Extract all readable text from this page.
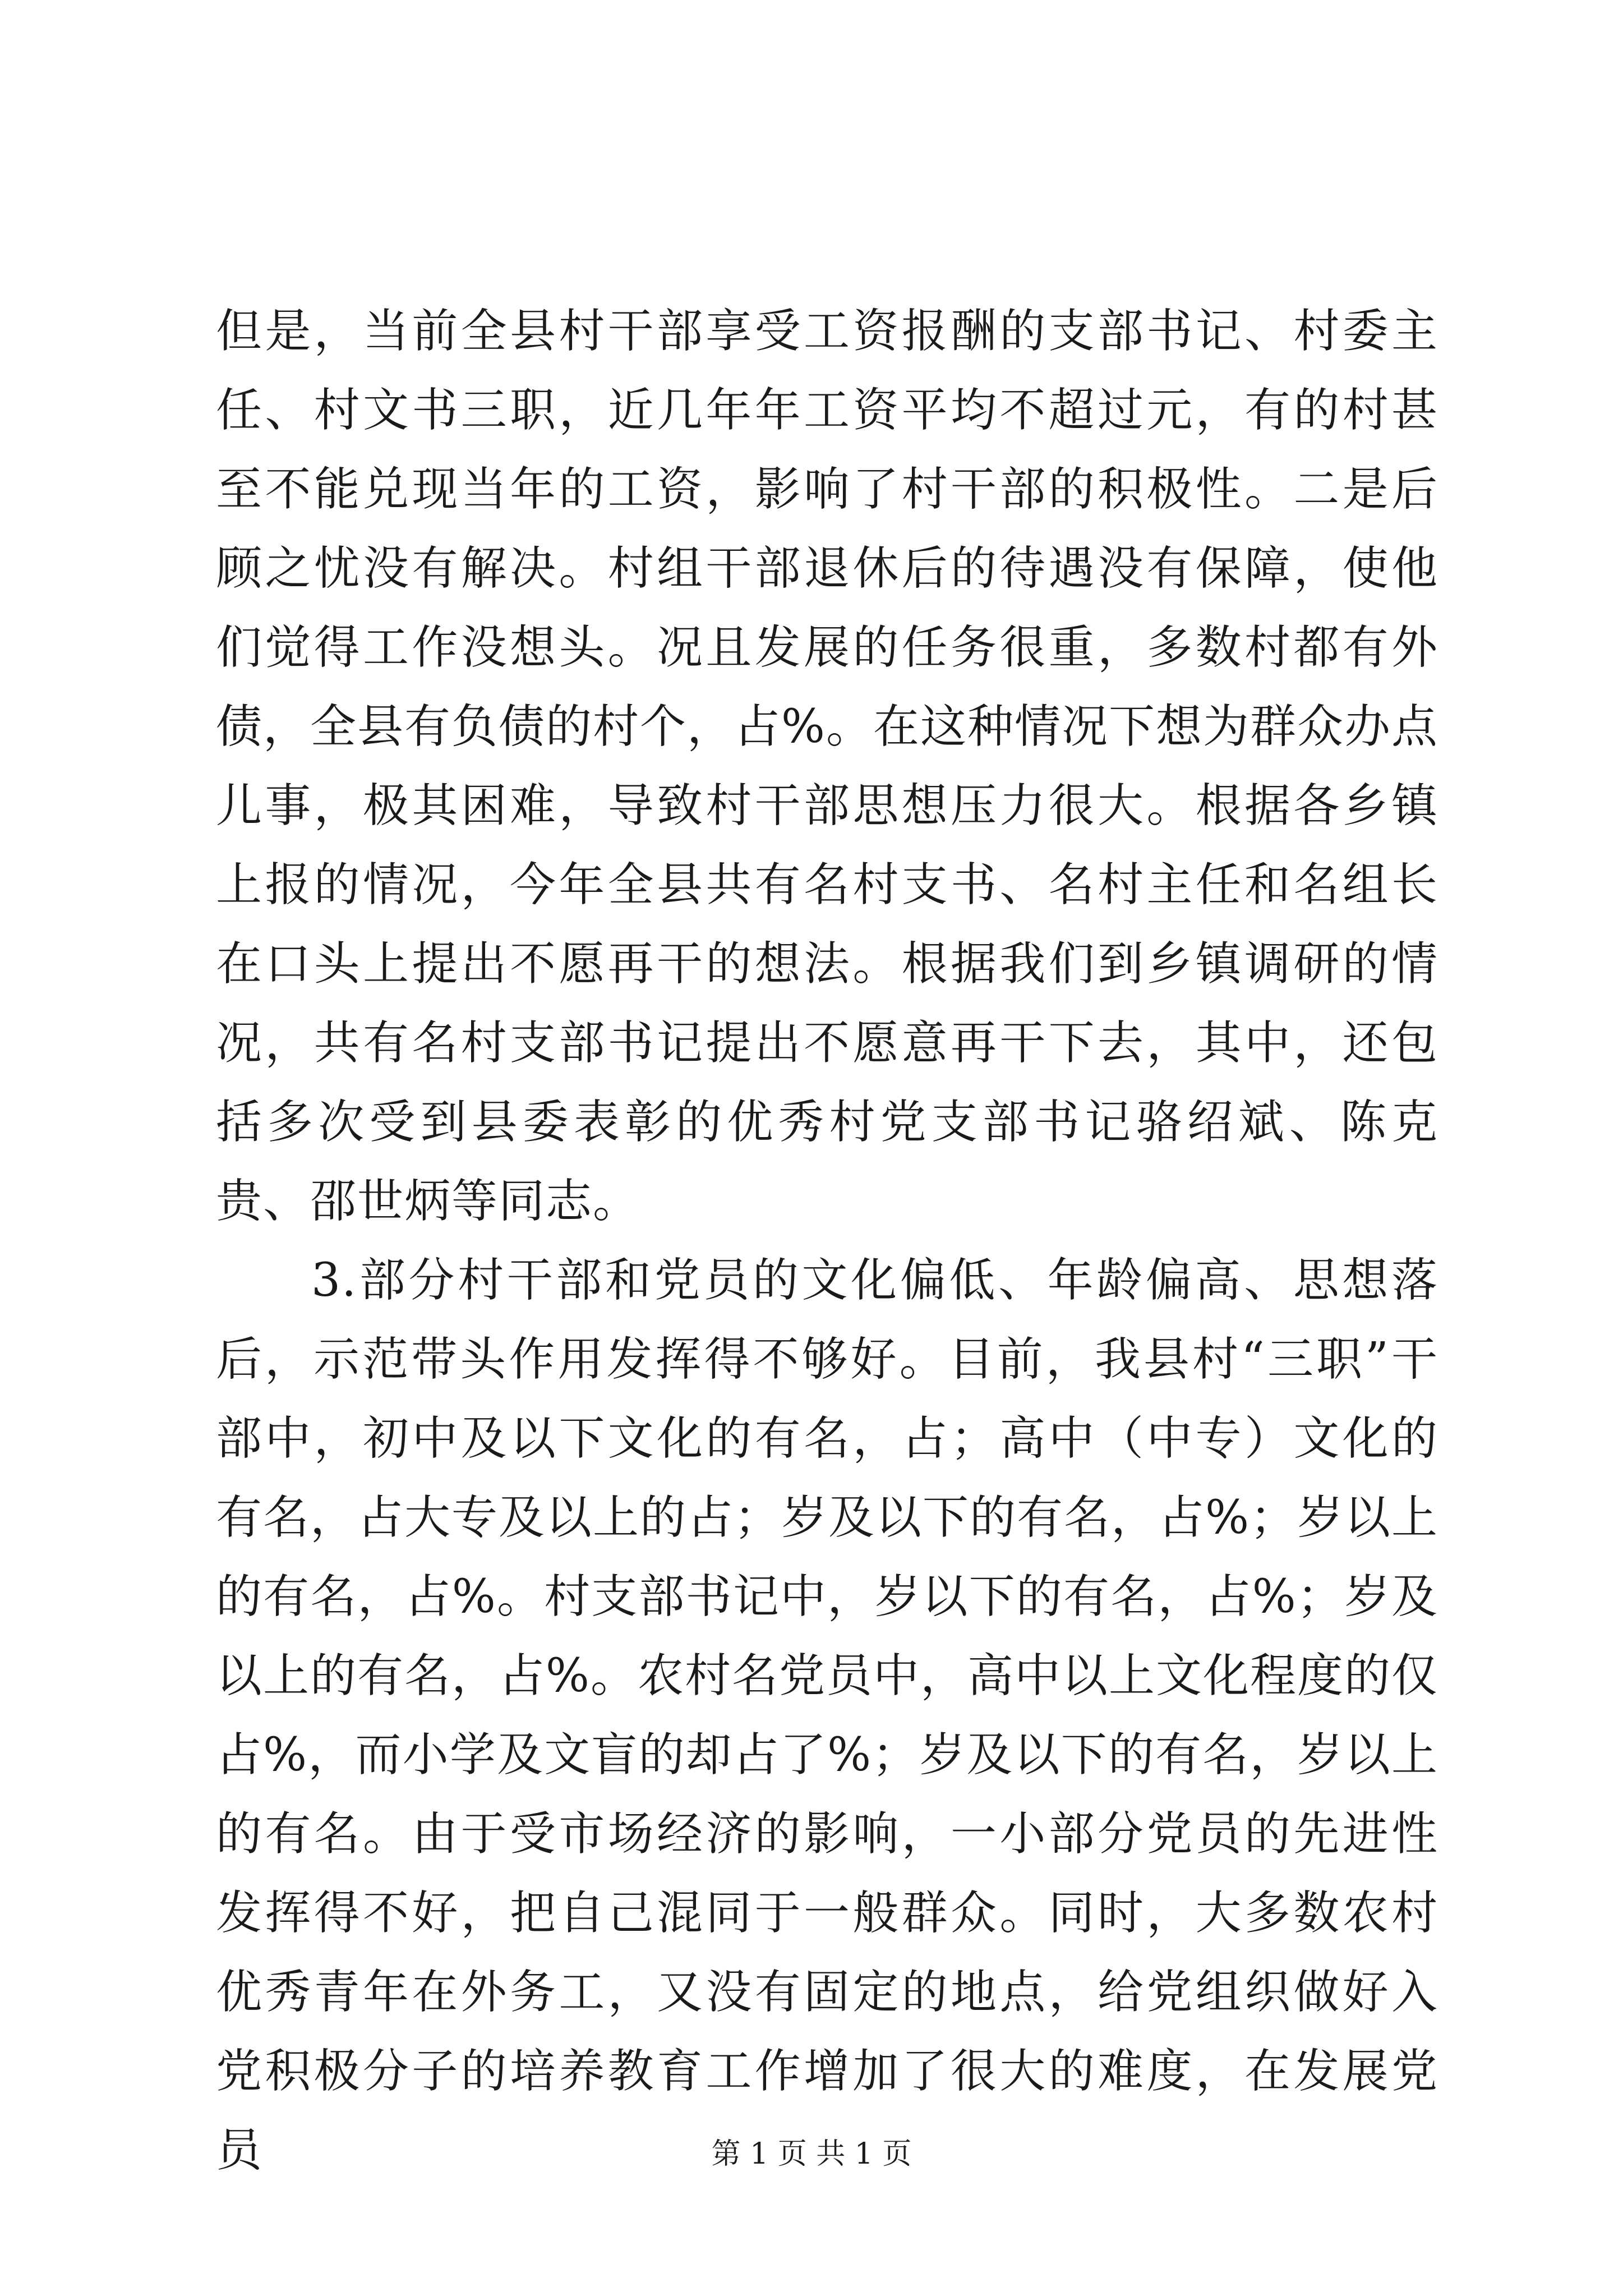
但是，当前全县村干部享受工资报酬的支部书记、村委主任、村文书三职，近几年年工资平均不超过元，有的村甚至不能兑现当年的工资，影响了村干部的积极性。二是后顾之忧没有解决。村组干部退休后的待遇没有保障，使他们觉得工作没想头。况且发展的任务很重，多数村都有外债，全县有负债的村个，占%。在这种情况下想为群众办点儿事，极其困难，导致村干部思想压力很大。根据各乡镇上报的情况，今年全县共有名村支书、名村主任和名组长在口头上提出不愿再干的想法。根据我们到乡镇调研的情况，共有名村支部书记提出不愿意再干下去，其中，还包括多次受到县委表彰的优秀村党支部书记骆绍斌、陈克贵、邵世炳等同志。

3.部分村干部和党员的文化偏低、年龄偏高、思想落后，示范带头作用发挥得不够好。目前，我县村“三职”干部中，初中及以下文化的有名，占；高中（中专）文化的有名，占大专及以上的占；岁及以下的有名，占%；岁以上的有名，占%。村支部书记中，岁以下的有名，占%；岁及以上的有名，占%。农村名党员中，高中以上文化程度的仅占%，而小学及文盲的却占了%；岁及以下的有名，岁以上的有名。由于受市场经济的影响，一小部分党员的先进性发挥得不好，把自己混同于一般群众。同时，大多数农村优秀青年在外务工，又没有固定的地点，给党组织做好入党积极分子的培养教育工作增加了很大的难度，在发展党员	第 1 页 共 1 页
